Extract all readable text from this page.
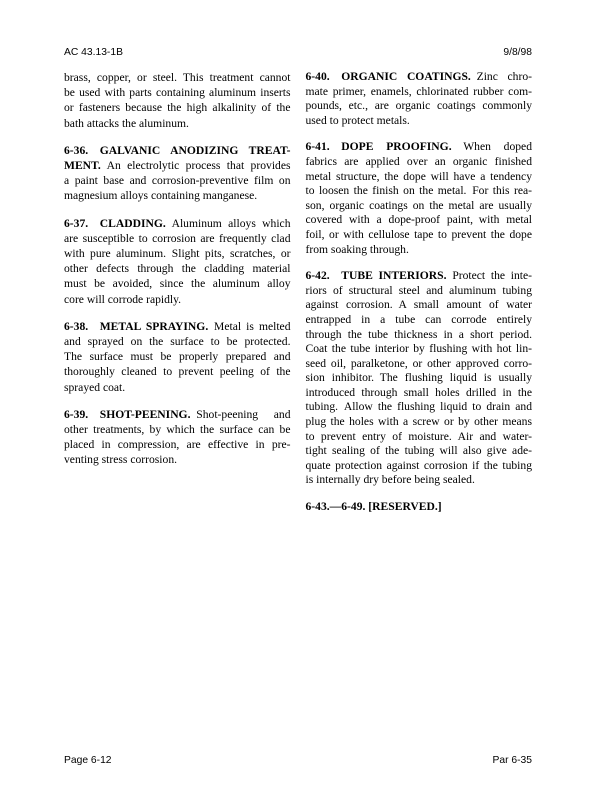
AC 43.13-1B	9/8/98

brass, copper, or steel. This treatment cannot
be used with parts containing aluminum inserts
or fasteners because the high alkalinity of the
bath attacks the aluminum.

6-36. GALVANIC ANODIZING TREAT-
MENT. An electrolytic process that provides
a paint base and corrosion-preventive film on
magnesium alloys containing manganese.

6-37. CLADDING. Aluminum alloys which
are susceptible to corrosion are frequently clad
with pure aluminum. Slight pits, scratches, or
other defects through the cladding material
must be avoided, since the aluminum alloy
core will corrode rapidly.

6-38. METAL SPRAYING. Metal is melted
and sprayed on the surface to be protected.
The surface must be properly prepared and
thoroughly cleaned to prevent peeling of the
sprayed coat.

6-39. SHOT-PEENING. Shot-peening and
other treatments, by which the surface can be
placed in compression, are effective in pre-
venting stress corrosion.

6-40. ORGANIC COATINGS. Zinc chro-
mate primer, enamels, chlorinated rubber com-
pounds, etc., are organic coatings commonly
used to protect metals.

6-41. DOPE PROOFING.  When doped
fabrics are applied over an organic finished
metal structure, the dope will have a tendency
to loosen the finish on the metal. For this rea-
son, organic coatings on the metal are usually
covered with a dope-proof paint, with metal
foil, or with cellulose tape to prevent the dope
from soaking through.

6-42. TUBE INTERIORS. Protect the inte-
riors of structural steel and aluminum tubing
against corrosion. A small amount of water
entrapped in a tube can corrode entirely
through the tube thickness in a short period.
Coat the tube interior by flushing with hot lin-
seed oil, paralketone, or other approved corro-
sion inhibitor. The flushing liquid is usually
introduced through small holes drilled in the
tubing. Allow the flushing liquid to drain and
plug the holes with a screw or by other means
to prevent entry of moisture. Air and water-
tight sealing of the tubing will also give ade-
quate protection against corrosion if the tubing
is internally dry before being sealed.

6-43.—6-49. [RESERVED.]

Page 6-12	Par 6-35
